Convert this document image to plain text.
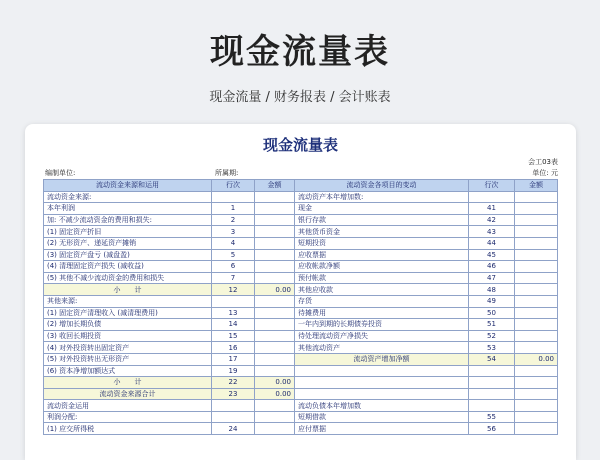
现金流量表
现金流量 / 财务报表 / 会计账表
现金流量表
会工03表
编制单位:	所属期:	单位: 元
流动资金来源和运用	行次	金额	流动资金各项目的变动	行次	金额
流动资金来源:			流动资产本年增加数:		
本年利润	1		现金	41	
加: 不减少流动资金的费用和损失:	2		银行存款	42	
(1) 固定资产折旧	3		其他货币资金	43	
(2) 无形资产、递延资产摊销	4		短期投资	44	
(3) 固定资产盘亏 (减盘盈)	5		应收票据	45	
(4) 清理固定资产损失 (减收益)	6		应收帐款净额	46	
(5) 其他不减少流动资金的费用和损失	7		预付帐款	47	
小　　计	12	0.00	其他应收款	48	
其他来源:			存货	49	
(1) 固定资产清理收入 (减清理费用)	13		待摊费用	50	
(2) 增加长期负债	14		一年内到期的长期债券投资	51	
(3) 收回长期投资	15		待处理流动资产净损失	52	
(4) 对外投资转出固定资产	16		其他流动资产	53	
(5) 对外投资转出无形资产	17		流动资产增加净额	54	0.00
(6) 资本净增加额达式	19				
小　　计	22	0.00			
流动资金来源合计	23	0.00			
流动资金运用			流动负债本年增加数		
利润分配:			短期借款	55	
(1) 应交所得税	24		应付票据	56	
